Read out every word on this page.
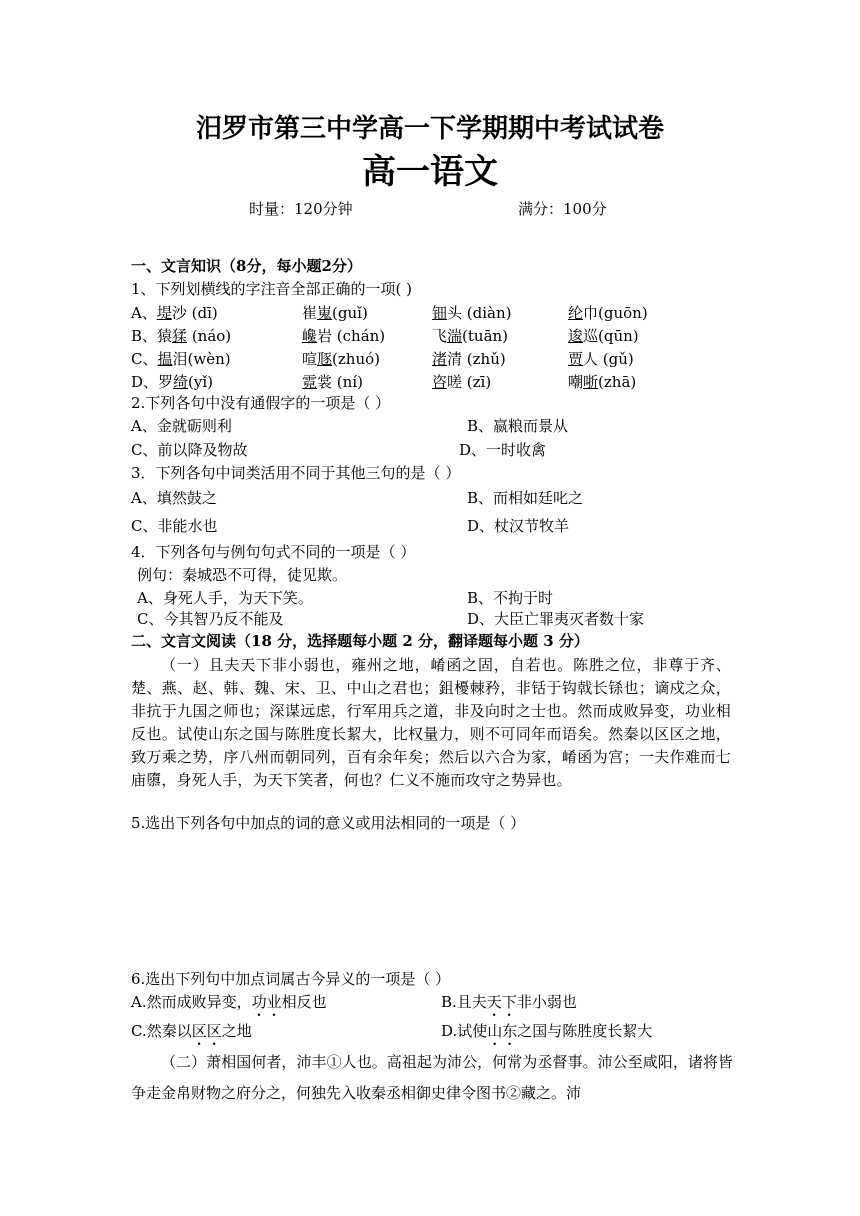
汨罗市第三中学高一下学期期中考试试卷
高一语文
时量：120分钟	满分：100分
一、文言知识（8分，每小题2分）
1、下列划横线的字注音全部正确的一项( )
A、堤沙 (dī)	崔嵬(guǐ)	钿头 (diàn)	纶巾(guōn)
B、猿猱 (náo)	巉岩 (chán)	飞湍(tuān)	逡巡(qūn)
C、揾泪(wèn)	喧豗(zhuó)	渚清 (zhǔ)	贾人 (gǔ)
D、罗绮(yǐ)	霓裳 (ní)	咨嗟 (zī)	嘲哳(zhā)
2.下列各句中没有通假字的一项是（ ）
A、金就砺则利	B、嬴粮而景从
C、前以降及物故	D、一时收禽
3．下列各句中词类活用不同于其他三句的是（ ）
A、填然鼓之	B、而相如廷叱之
C、非能水也	D、杖汉节牧羊
4．下列各句与例句句式不同的一项是（ ）
例句：秦城恐不可得，徒见欺。
A、身死人手，为天下笑。	B、不拘于时
C、今其智乃反不能及	D、大臣亡罪夷灭者数十家
二、文言文阅读（18 分，选择题每小题 2 分，翻译题每小题 3 分）
（一）且夫天下非小弱也，雍州之地，崤函之固，自若也。陈胜之位，非尊于齐、楚、燕、赵、韩、魏、宋、卫、中山之君也；鉏櫌棘矜，非铦于钩戟长铩也；谪戍之众，非抗于九国之师也；深谋远虑，行军用兵之道，非及向时之士也。然而成败异变，功业相反也。试使山东之国与陈胜度长絜大，比权量力，则不可同年而语矣。然秦以区区之地，致万乘之势，序八州而朝同列，百有余年矣；然后以六合为家，崤函为宫；一夫作难而七庙隳，身死人手，为天下笑者，何也？仁义不施而攻守之势异也。
5.选出下列各句中加点的词的意义或用法相同的一项是（ ）
6.选出下列句中加点词属古今异义的一项是（ ）
A.然而成败异变，功业相反也	B.且夫天下非小弱也
C.然秦以区区之地	D.试使山东之国与陈胜度长絜大
（二）萧相国何者，沛丰①人也。高祖起为沛公，何常为丞督事。沛公至咸阳，诸将皆争走金帛财物之府分之，何独先入收秦丞相御史律令图书②藏之。沛
